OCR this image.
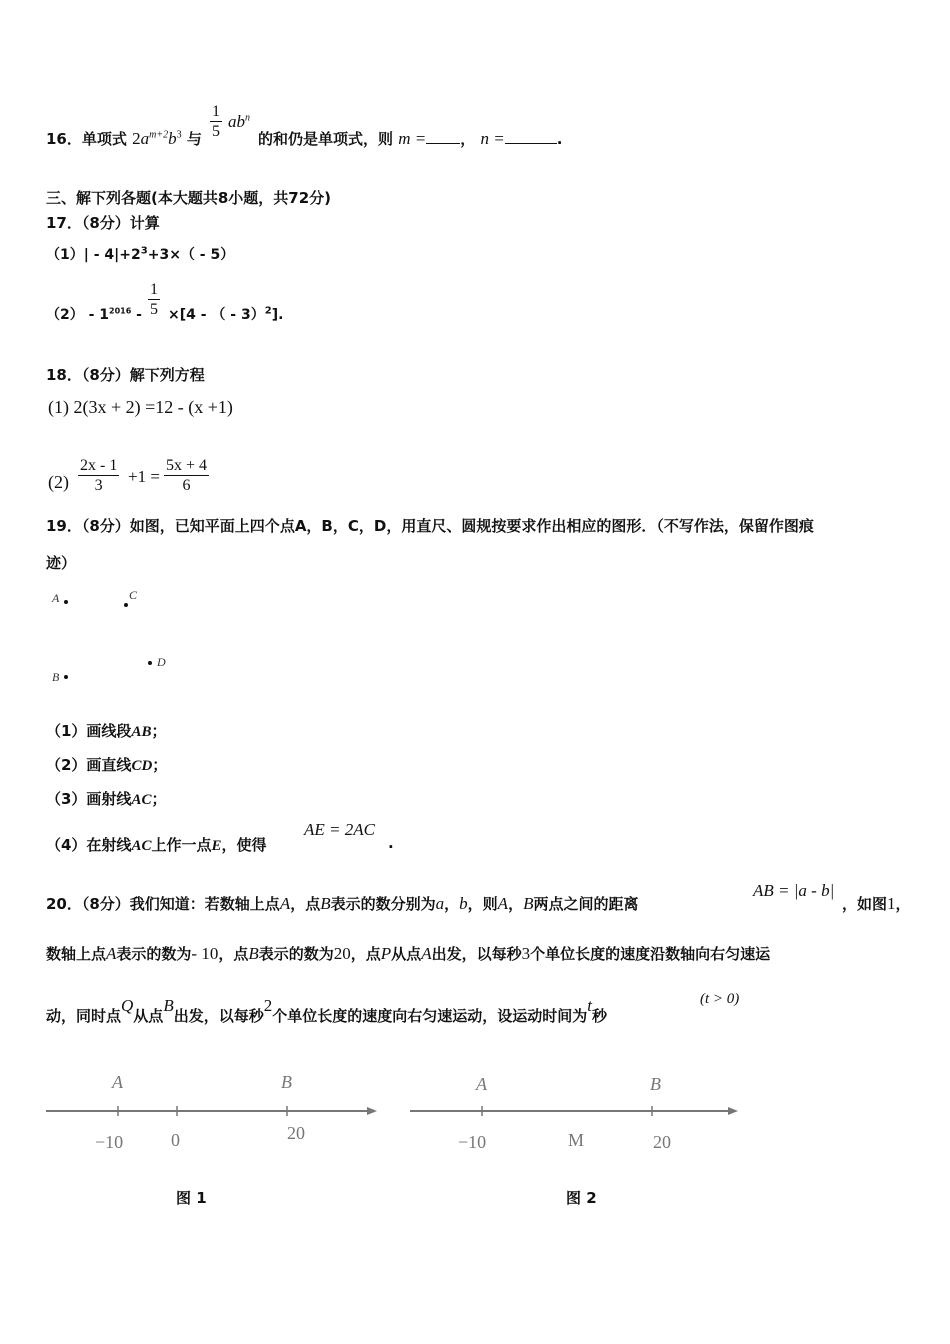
16．单项式 $2a^{m+2}b^3$ 与 $\frac{1}{5} ab^n$
的和仍是单项式，则 m = ， n =	.
三、解下列各题(本大题共8小题，共72分)
17．（8分）计算
$(1)| - 4|+2^3+3\times( - 5)$
$(2) - 1^{2016} - \frac{1}{5} \times[4$ - （ - 3）$^2$].
18．（8分）解下列方程
(1) 2(3x + 2) =12 - (x +1)
$(2) \frac{2x - 1}{3} +1 = \frac{5x + 4}{6}$
19．（8分）如图，已知平面上四个点A，B，C，D，用直尺、圆规按要求作出相应的图形．（不写作法，保留作图痕
迹）
A	C
D
B
（1）画线段AB；
（2）画直线CD；
（3）画射线AC；
（4）在射线AC上作一点E，使得
AE = 2AC
.
20．（8分）我们知道：若数轴上点A，点B表示的数分别为a，b，则A，B两点之间的距离
AB = |a - b|
，如图1，
数轴上点A表示的数为- 10，点B表示的数为20，点P从点A出发，以每秒3个单位长度的速度沿数轴向右匀速运
动，同时点Q从点B出发，以每秒2个单位长度的速度向右匀速运动，设运动时间为t秒
(t > 0)
A	B
−10	0	20
图 1
A	B
−10	M	20
图 2
